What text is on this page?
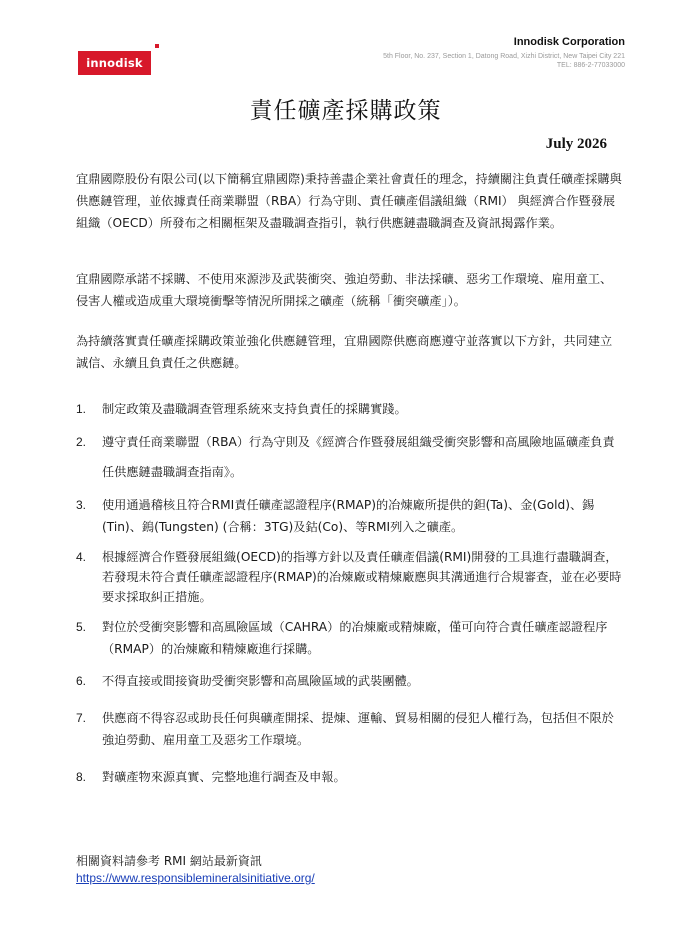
innodisk
Innodisk Corporation
5th Floor, No. 237, Section 1, Datong Road, Xizhi District, New Taipei City 221
TEL: 886-2-77033000
責任礦產採購政策
July 2026
宜鼎國際股份有限公司(以下簡稱宜鼎國際)秉持善盡企業社會責任的理念，持續關注負責任礦產採購與供應鏈管理，並依據責任商業聯盟（RBA）行為守則、責任礦產倡議組織（RMI） 與經濟合作暨發展組織（OECD）所發布之相關框架及盡職調查指引，執行供應鏈盡職調查及資訊揭露作業。
宜鼎國際承諾不採購、不使用來源涉及武裝衝突、強迫勞動、非法採礦、惡劣工作環境、雇用童工、侵害人權或造成重大環境衝擊等情況所開採之礦產（統稱「衝突礦產」）。
為持續落實責任礦產採購政策並強化供應鏈管理，宜鼎國際供應商應遵守並落實以下方針，共同建立誠信、永續且負責任之供應鏈。
1. 制定政策及盡職調查管理系統來支持負責任的採購實踐。
2. 遵守責任商業聯盟（RBA）行為守則及《經濟合作暨發展組織受衝突影響和高風險地區礦產負責任供應鏈盡職調查指南》。
3. 使用通過稽核且符合RMI責任礦產認證程序(RMAP)的冶煉廠所提供的鉭(Ta)、金(Gold)、錫(Tin)、鎢(Tungsten) (合稱：3TG)及鈷(Co)、等RMI列入之礦產。
4. 根據經濟合作暨發展組織(OECD)的指導方針以及責任礦產倡議(RMI)開發的工具進行盡職調查，若發現未符合責任礦產認證程序(RMAP)的冶煉廠或精煉廠應與其溝通進行合規審查，並在必要時要求採取糾正措施。
5. 對位於受衝突影響和高風險區域（CAHRA）的冶煉廠或精煉廠，僅可向符合責任礦產認證程序（RMAP）的冶煉廠和精煉廠進行採購。
6. 不得直接或間接資助受衝突影響和高風險區域的武裝團體。
7. 供應商不得容忍或助長任何與礦產開採、提煉、運輸、貿易相關的侵犯人權行為，包括但不限於強迫勞動、雇用童工及惡劣工作環境。
8. 對礦產物來源真實、完整地進行調查及申報。
相關資料請參考 RMI 網站最新資訊
https://www.responsiblemineralsinitiative.org/
